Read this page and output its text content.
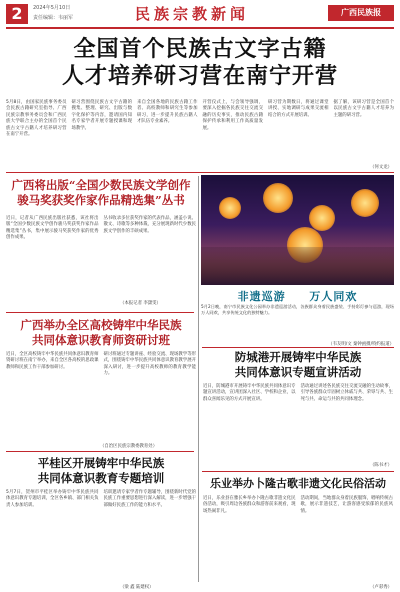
2	2024年5月10日
责任编辑：韦丽军	民族宗教新闻	广西民族报
全国首个民族古文字古籍
人才培养研习营在南宁开营

5月8日，由国家民族事务委员会民族古籍研究室指导、广西民族宗教事务委员会和广西民族大学联合主办的全国首个民族古文字古籍人才培养研习营在南宁开营。

研习营围绕民族古文字古籍的搜集、整理、研究、出版与数字化保护等内容，邀请国内知名专家学者开展专题授课和现场教学。

来自全国各地的民族古籍工作者、高校教师和研究生等参加研习，进一步提升民族古籍人才队伍专业素养。

开营仪式上，与会领导强调，要深入挖掘各民族交往交流交融的历史事实，推动民族古籍保护传承和利用工作高质量发展。

研习营为期数日，将通过课堂讲授、实地调研与成果交流相结合的方式开展培训。

据了解，该研习营是全国首个以民族古文字古籍人才培养为主题的研习营。

（何文龙）
广西将出版“全国少数民族文学创作
骏马奖获奖作家作品精选集”丛书

近日，记者从广西民族出版社获悉，该社将出版“全国少数民族文学创作骏马奖获奖作家作品精选集”丛书，集中展示骏马奖获奖作家的优秀创作成果。

丛书收录多位获奖作家的代表作品，涵盖小说、散文、诗歌等多种体裁，充分展现新时代少数民族文学创作的丰硕成果。

（本报记者 李潇雯）
非遗巡游 万人同欢

5月2日晚，南宁市民族文化公园举办非遗巡游活动，各族群众身着民族盛装、手持彩灯参与巡游，现场万人同欢，共享传统文化的独特魅力。

（韦友明/文 秦钟函摄/特约报道）
广西举办全区高校铸牢中华民族
共同体意识教育师资研讨班

近日，全区高校铸牢中华民族共同体意识教育师资研讨班在南宁举办，来自全区各高校的思政课教师和民族工作干部参加研讨。

研讨班通过专题讲座、经验交流、现场教学等形式，围绕铸牢中华民族共同体意识教育教学展开深入研讨，进一步提升高校教师的教育教学能力。

（自治区民族宗教委教育处）
防城港开展铸牢中华民族
共同体意识专题宣讲活动

近日，防城港市开展铸牢中华民族共同体意识专题宣讲活动，宣讲团深入社区、学校和企业，以群众喜闻乐见的方式开展宣讲。

活动通过讲述各民族交往交流交融的生动故事，引导各族群众牢固树立休戚与共、荣辱与共、生死与共、命运与共的共同体理念。

（陈书才）
平桂区开展铸牢中华民族
共同体意识教育专题培训

5月7日，贺州市平桂区举办铸牢中华民族共同体意识教育专题培训，全区各乡镇、部门相关负责人参加培训。

培训邀请专家学者作专题辅导，围绕新时代党的民族工作重要思想进行深入解读，进一步增强干部做好民族工作的能力和水平。

（梁 鑫 陆建权）
乐业举办卜隆古歌非遗文化民俗活动

近日，乐业县在雅长乡举办卜隆古歌非遗文化民俗活动，吸引周边各族群众和游客前来观看，现场热闹非凡。

活动期间，当地群众身着民族服饰，唱响传统古歌，展示非遗技艺，让游客感受浓郁的民族风情。

（卢彩秀）
